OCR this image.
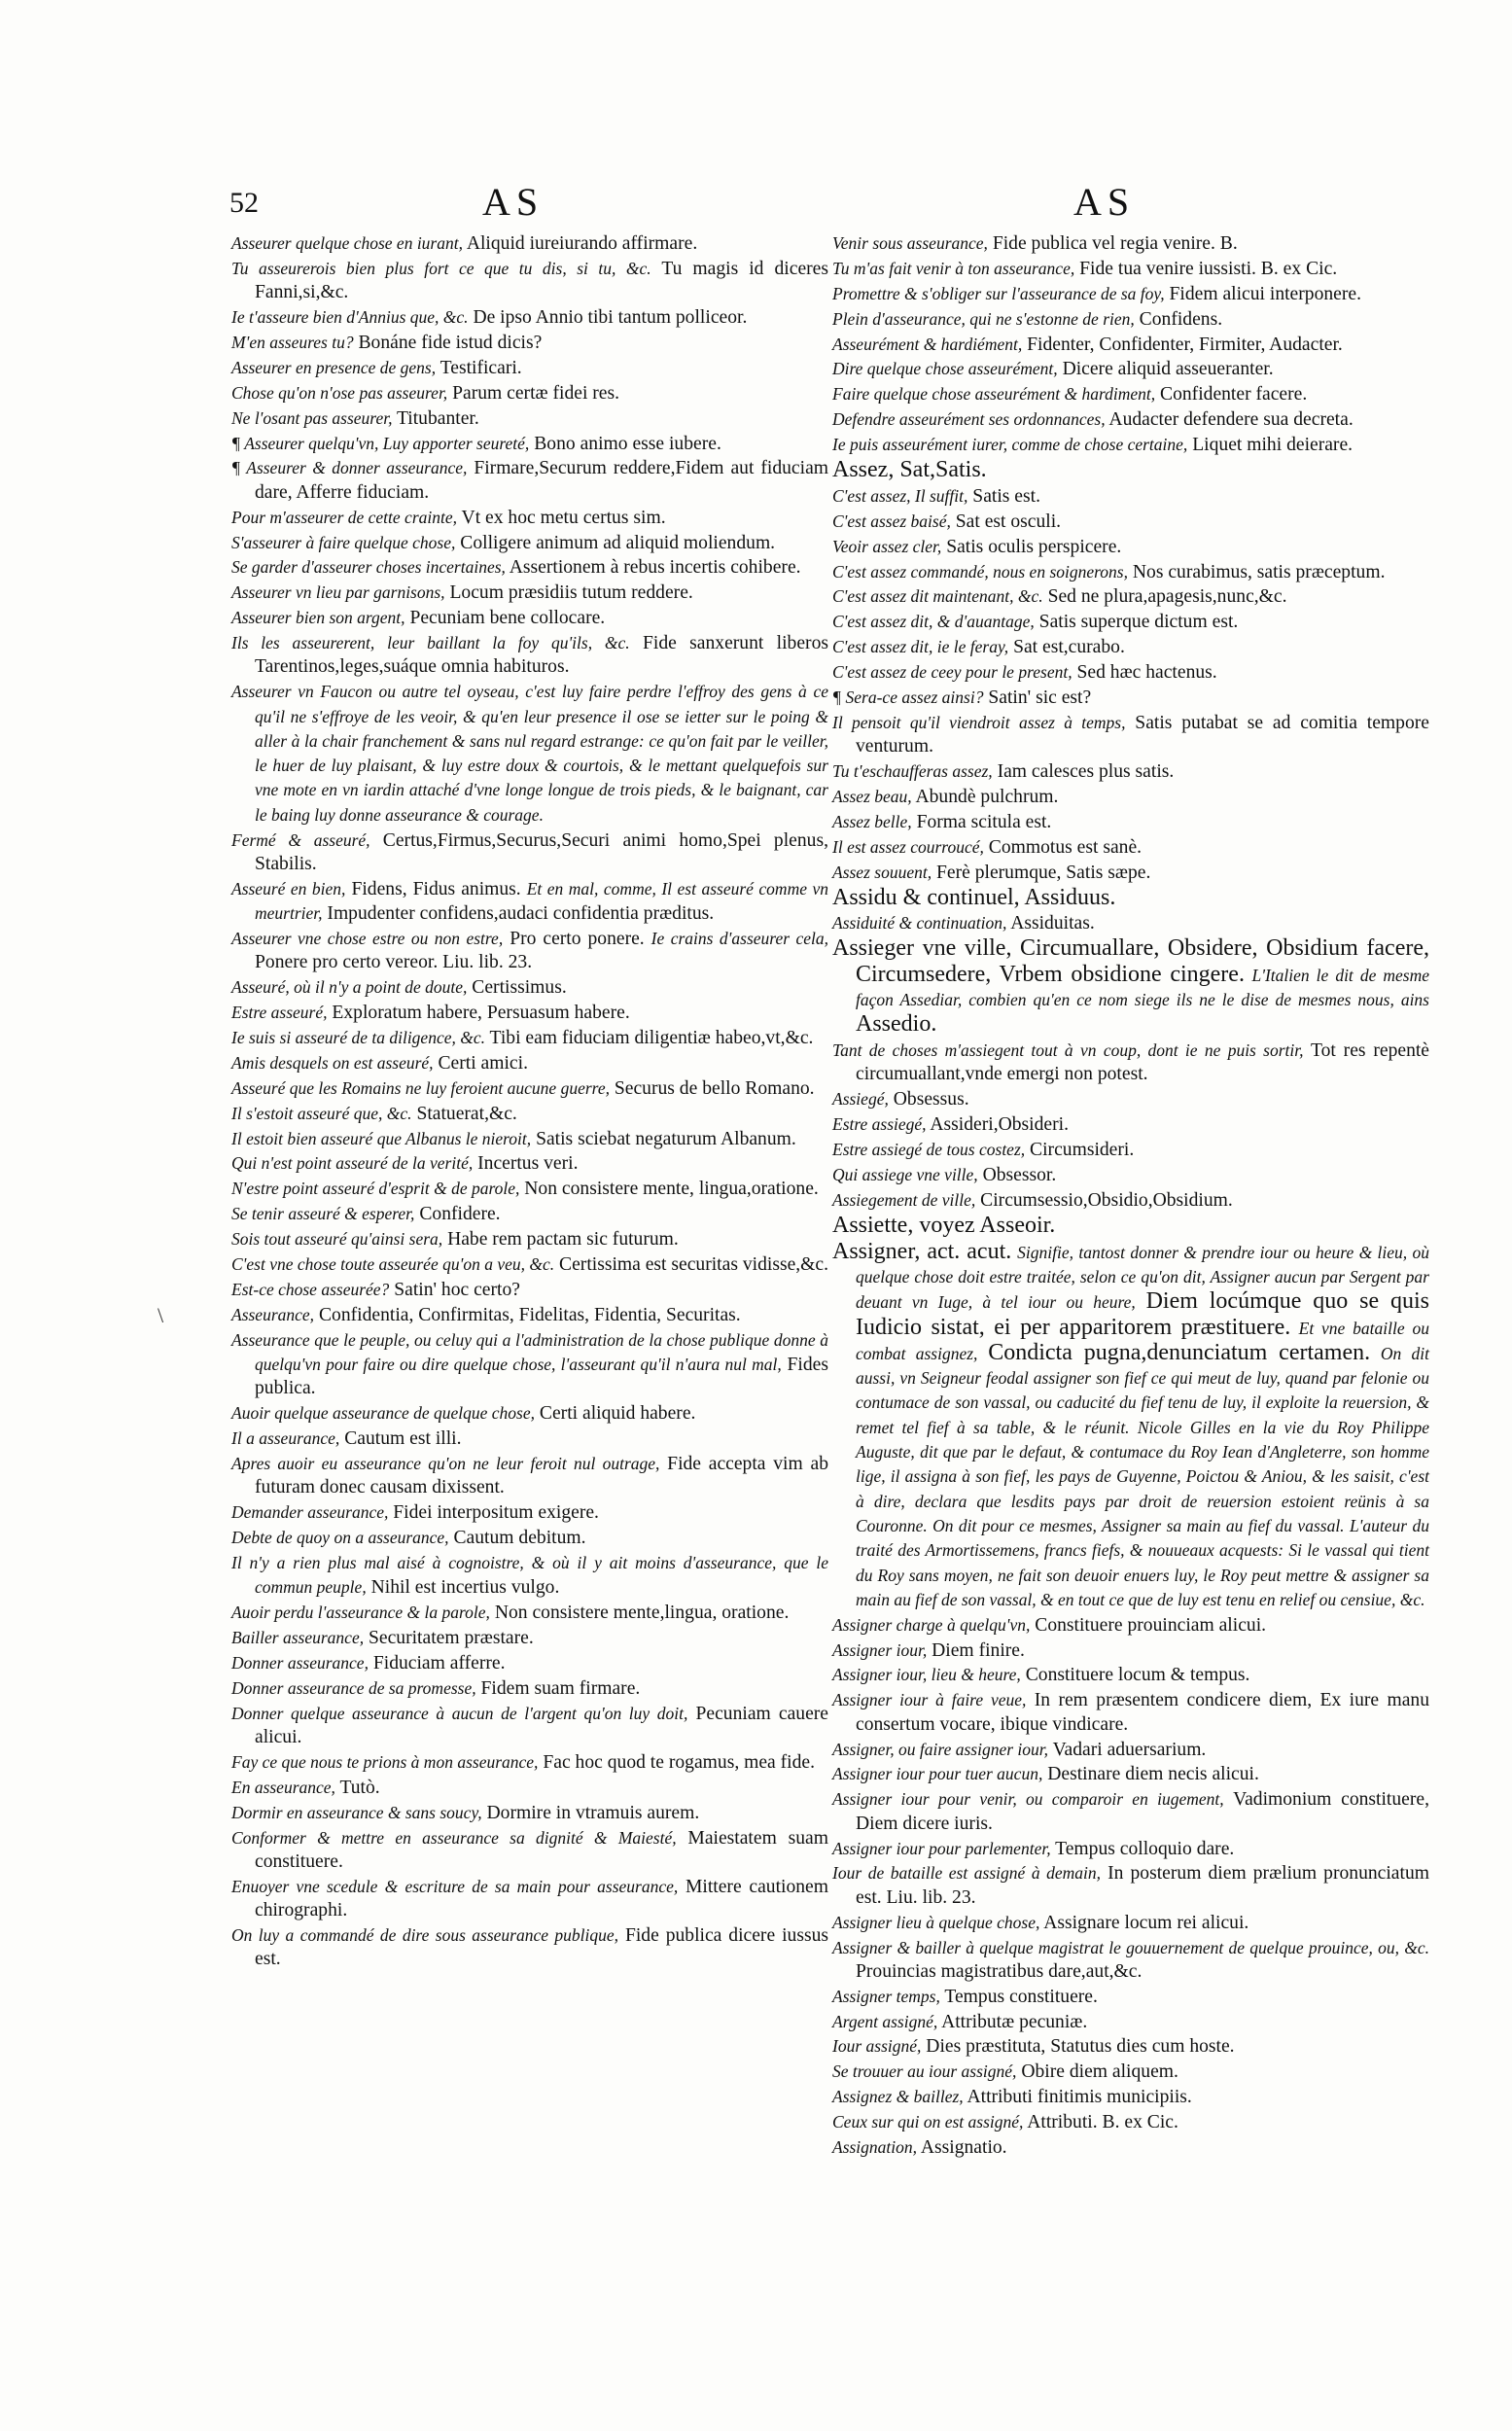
52	AS	AS
\

Asseurer quelque chose en iurant, Aliquid iureiurando affirmare.

Tu asseurerois bien plus fort ce que tu dis, si tu, &c. Tu magis id diceres Fanni,si,&c.

Ie t'asseure bien d'Annius que, &c. De ipso Annio tibi tantum polliceor.

M'en asseures tu? Bonáne fide istud dicis?

Asseurer en presence de gens, Testificari.

Chose qu'on n'ose pas asseurer, Parum certæ fidei res.

Ne l'osant pas asseurer, Titubanter.

¶ Asseurer quelqu'vn, Luy apporter seureté, Bono animo esse iubere.

¶ Asseurer & donner asseurance, Firmare,Securum reddere,Fidem aut fiduciam dare, Afferre fiduciam.

Pour m'asseurer de cette crainte, Vt ex hoc metu certus sim.

S'asseurer à faire quelque chose, Colligere animum ad aliquid moliendum.

Se garder d'asseurer choses incertaines, Assertionem à rebus incertis cohibere.

Asseurer vn lieu par garnisons, Locum præsidiis tutum reddere.

Asseurer bien son argent, Pecuniam bene collocare.

Ils les asseurerent, leur baillant la foy qu'ils, &c. Fide sanxerunt liberos Tarentinos,leges,suáque omnia habituros.

Asseurer vn Faucon ou autre tel oyseau, c'est luy faire perdre l'effroy des gens à ce qu'il ne s'effroye de les veoir, & qu'en leur presence il ose se ietter sur le poing & aller à la chair franchement & sans nul regard estrange: ce qu'on fait par le veiller, le huer de luy plaisant, & luy estre doux & courtois, & le mettant quelquefois sur vne mote en vn iardin attaché d'vne longe longue de trois pieds, & le baignant, car le baing luy donne asseurance & courage.

Fermé & asseuré, Certus,Firmus,Securus,Securi animi homo,Spei plenus, Stabilis.

Asseuré en bien, Fidens, Fidus animus. Et en mal, comme, Il est asseuré comme vn meurtrier, Impudenter confidens,audaci confidentia præditus.

Asseurer vne chose estre ou non estre, Pro certo ponere. Ie crains d'asseurer cela, Ponere pro certo vereor. Liu. lib. 23.

Asseuré, où il n'y a point de doute, Certissimus.

Estre asseuré, Exploratum habere, Persuasum habere.

Ie suis si asseuré de ta diligence, &c. Tibi eam fiduciam diligentiæ habeo,vt,&c.

Amis desquels on est asseuré, Certi amici.

Asseuré que les Romains ne luy feroient aucune guerre, Securus de bello Romano.

Il s'estoit asseuré que, &c. Statuerat,&c.

Il estoit bien asseuré que Albanus le nieroit, Satis sciebat negaturum Albanum.

Qui n'est point asseuré de la verité, Incertus veri.

N'estre point asseuré d'esprit & de parole, Non consistere mente, lingua,oratione.

Se tenir asseuré & esperer, Confidere.

Sois tout asseuré qu'ainsi sera, Habe rem pactam sic futurum.

C'est vne chose toute asseurée qu'on a veu, &c. Certissima est securitas vidisse,&c.

Est-ce chose asseurée? Satin' hoc certo?

Asseurance, Confidentia, Confirmitas, Fidelitas, Fidentia, Securitas.

Asseurance que le peuple, ou celuy qui a l'administration de la chose publique donne à quelqu'vn pour faire ou dire quelque chose, l'asseurant qu'il n'aura nul mal, Fides publica.

Auoir quelque asseurance de quelque chose, Certi aliquid habere.

Il a asseurance, Cautum est illi.

Apres auoir eu asseurance qu'on ne leur feroit nul outrage, Fide accepta vim ab futuram donec causam dixissent.

Demander asseurance, Fidei interpositum exigere.

Debte de quoy on a asseurance, Cautum debitum.

Il n'y a rien plus mal aisé à cognoistre, & où il y ait moins d'asseurance, que le commun peuple, Nihil est incertius vulgo.

Auoir perdu l'asseurance & la parole, Non consistere mente,lingua, oratione.

Bailler asseurance, Securitatem præstare.

Donner asseurance, Fiduciam afferre.

Donner asseurance de sa promesse, Fidem suam firmare.

Donner quelque asseurance à aucun de l'argent qu'on luy doit, Pecuniam cauere alicui.

Fay ce que nous te prions à mon asseurance, Fac hoc quod te rogamus, mea fide.

En asseurance, Tutò.

Dormir en asseurance & sans soucy, Dormire in vtramuis aurem.

Conformer & mettre en asseurance sa dignité & Maiesté, Maiestatem suam constituere.

Enuoyer vne scedule & escriture de sa main pour asseurance, Mittere cautionem chirographi.

On luy a commandé de dire sous asseurance publique, Fide publica dicere iussus est.

Venir sous asseurance, Fide publica vel regia venire. B.

Tu m'as fait venir à ton asseurance, Fide tua venire iussisti. B. ex Cic.

Promettre & s'obliger sur l'asseurance de sa foy, Fidem alicui interponere.

Plein d'asseurance, qui ne s'estonne de rien, Confidens.

Asseurément & hardiément, Fidenter, Confidenter, Firmiter, Audacter.

Dire quelque chose asseurément, Dicere aliquid asseueranter.

Faire quelque chose asseurément & hardiment, Confidenter facere.

Defendre asseurément ses ordonnances, Audacter defendere sua decreta.

Ie puis asseurément iurer, comme de chose certaine, Liquet mihi deierare.

Assez, Sat,Satis.

C'est assez, Il suffit, Satis est.

C'est assez baisé, Sat est osculi.

Veoir assez cler, Satis oculis perspicere.

C'est assez commandé, nous en soignerons, Nos curabimus, satis præceptum.

C'est assez dit maintenant, &c. Sed ne plura,apagesis,nunc,&c.

C'est assez dit, & d'auantage, Satis superque dictum est.

C'est assez dit, ie le feray, Sat est,curabo.

C'est assez de ceey pour le present, Sed hæc hactenus.

¶ Sera-ce assez ainsi? Satin' sic est?

Il pensoit qu'il viendroit assez à temps, Satis putabat se ad comitia tempore venturum.

Tu t'eschaufferas assez, Iam calesces plus satis.

Assez beau, Abundè pulchrum.

Assez belle, Forma scitula est.

Il est assez courroucé, Commotus est sanè.

Assez souuent, Ferè plerumque, Satis sæpe.

Assidu & continuel, Assiduus.

Assiduité & continuation, Assiduitas.

Assieger vne ville, Circumuallare, Obsidere, Obsidium facere, Circumsedere, Vrbem obsidione cingere. L'Italien le dit de mesme façon Assediar, combien qu'en ce nom siege ils ne le dise de mesmes nous, ains Assedio.

Tant de choses m'assiegent tout à vn coup, dont ie ne puis sortir, Tot res repentè circumuallant,vnde emergi non potest.

Assiegé, Obsessus.

Estre assiegé, Assideri,Obsideri.

Estre assiegé de tous costez, Circumsideri.

Qui assiege vne ville, Obsessor.

Assiegement de ville, Circumsessio,Obsidio,Obsidium.

Assiette, voyez Asseoir.

Assigner, act. acut. Signifie, tantost donner & prendre iour ou heure & lieu, où quelque chose doit estre traitée, selon ce qu'on dit, Assigner aucun par Sergent par deuant vn Iuge, à tel iour ou heure, Diem locúmque quo se quis Iudicio sistat, ei per apparitorem præstituere. Et vne bataille ou combat assignez, Condicta pugna,denunciatum certamen. On dit aussi, vn Seigneur feodal assigner son fief ce qui meut de luy, quand par felonie ou contumace de son vassal, ou caducité du fief tenu de luy, il exploite la reuersion, & remet tel fief à sa table, & le réunit. Nicole Gilles en la vie du Roy Philippe Auguste, dit que par le defaut, & contumace du Roy Iean d'Angleterre, son homme lige, il assigna à son fief, les pays de Guyenne, Poictou & Aniou, & les saisit, c'est à dire, declara que lesdits pays par droit de reuersion estoient reünis à sa Couronne. On dit pour ce mesmes, Assigner sa main au fief du vassal. L'auteur du traité des Armortissemens, francs fiefs, & nouueaux acquests: Si le vassal qui tient du Roy sans moyen, ne fait son deuoir enuers luy, le Roy peut mettre & assigner sa main au fief de son vassal, & en tout ce que de luy est tenu en relief ou censiue, &c.

Assigner charge à quelqu'vn, Constituere prouinciam alicui.

Assigner iour, Diem finire.

Assigner iour, lieu & heure, Constituere locum & tempus.

Assigner iour à faire veue, In rem præsentem condicere diem, Ex iure manu consertum vocare, ibique vindicare.

Assigner, ou faire assigner iour, Vadari aduersarium.

Assigner iour pour tuer aucun, Destinare diem necis alicui.

Assigner iour pour venir, ou comparoir en iugement, Vadimonium constituere, Diem dicere iuris.

Assigner iour pour parlementer, Tempus colloquio dare.

Iour de bataille est assigné à demain, In posterum diem prælium pronunciatum est. Liu. lib. 23.

Assigner lieu à quelque chose, Assignare locum rei alicui.

Assigner & bailler à quelque magistrat le gouuernement de quelque prouince, ou, &c. Prouincias magistratibus dare,aut,&c.

Assigner temps, Tempus constituere.

Argent assigné, Attributæ pecuniæ.

Iour assigné, Dies præstituta, Statutus dies cum hoste.

Se trouuer au iour assigné, Obire diem aliquem.

Assignez & baillez, Attributi finitimis municipiis.

Ceux sur qui on est assigné, Attributi. B. ex Cic.

Assignation, Assignatio.
